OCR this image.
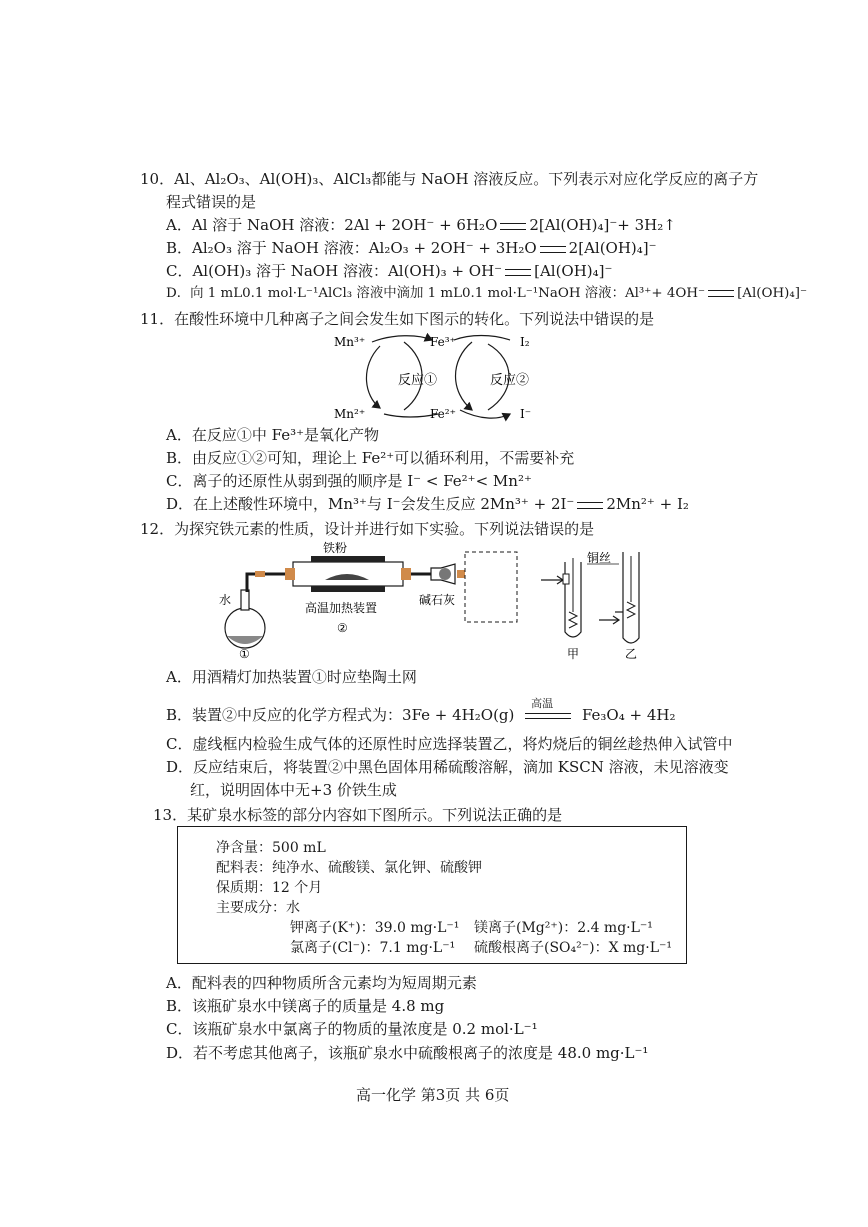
10．Al、Al₂O₃、Al(OH)₃、AlCl₃都能与 NaOH 溶液反应。下列表示对应化学反应的离子方
程式错误的是
A．Al 溶于 NaOH 溶液：2Al + 2OH⁻ + 6H₂O 2[Al(OH)₄]⁻+ 3H₂↑
B．Al₂O₃ 溶于 NaOH 溶液：Al₂O₃ + 2OH⁻ + 3H₂O 2[Al(OH)₄]⁻
C．Al(OH)₃ 溶于 NaOH 溶液：Al(OH)₃ + OH⁻ [Al(OH)₄]⁻
D．向 1 mL0.1 mol·L⁻¹AlCl₃ 溶液中滴加 1 mL0.1 mol·L⁻¹NaOH 溶液：Al³⁺+ 4OH⁻ [Al(OH)₄]⁻
11．在酸性环境中几种离子之间会发生如下图示的转化。下列说法中错误的是
Mn³⁺
Mn²⁺
Fe³⁺
Fe²⁺
I₂
I⁻
反应①	反应②
A．在反应①中 Fe³⁺是氧化产物
B．由反应①②可知，理论上 Fe²⁺可以循环利用，不需要补充
C．离子的还原性从弱到强的顺序是 I⁻ < Fe²⁺< Mn²⁺
D．在上述酸性环境中，Mn³⁺与 I⁻会发生反应 2Mn³⁺ + 2I⁻ 2Mn²⁺ + I₂
12．为探究铁元素的性质，设计并进行如下实验。下列说法错误的是
铁粉
水
高温加热装置
②
①
碱石灰
铜丝
甲	乙
A．用酒精灯加热装置①时应垫陶土网
B．装置②中反应的化学方程式为：3Fe + 4H₂O(g)
高温
Fe₃O₄ + 4H₂
C．虚线框内检验生成气体的还原性时应选择装置乙，将灼烧后的铜丝趁热伸入试管中
D．反应结束后，将装置②中黑色固体用稀硫酸溶解，滴加 KSCN 溶液，未见溶液变
红，说明固体中无+3 价铁生成
13．某矿泉水标签的部分内容如下图所示。下列说法正确的是
净含量：500 mL
配料表：纯净水、硫酸镁、氯化钾、硫酸钾
保质期：12 个月
主要成分：水
钾离子(K⁺)：39.0 mg·L⁻¹ 镁离子(Mg²⁺)：2.4 mg·L⁻¹
氯离子(Cl⁻)：7.1 mg·L⁻¹ 硫酸根离子(SO₄²⁻)：X mg·L⁻¹
A．配料表的四种物质所含元素均为短周期元素
B．该瓶矿泉水中镁离子的质量是 4.8 mg
C．该瓶矿泉水中氯离子的物质的量浓度是 0.2 mol·L⁻¹
D．若不考虑其他离子，该瓶矿泉水中硫酸根离子的浓度是 48.0 mg·L⁻¹
高一化学 第3页 共 6页
